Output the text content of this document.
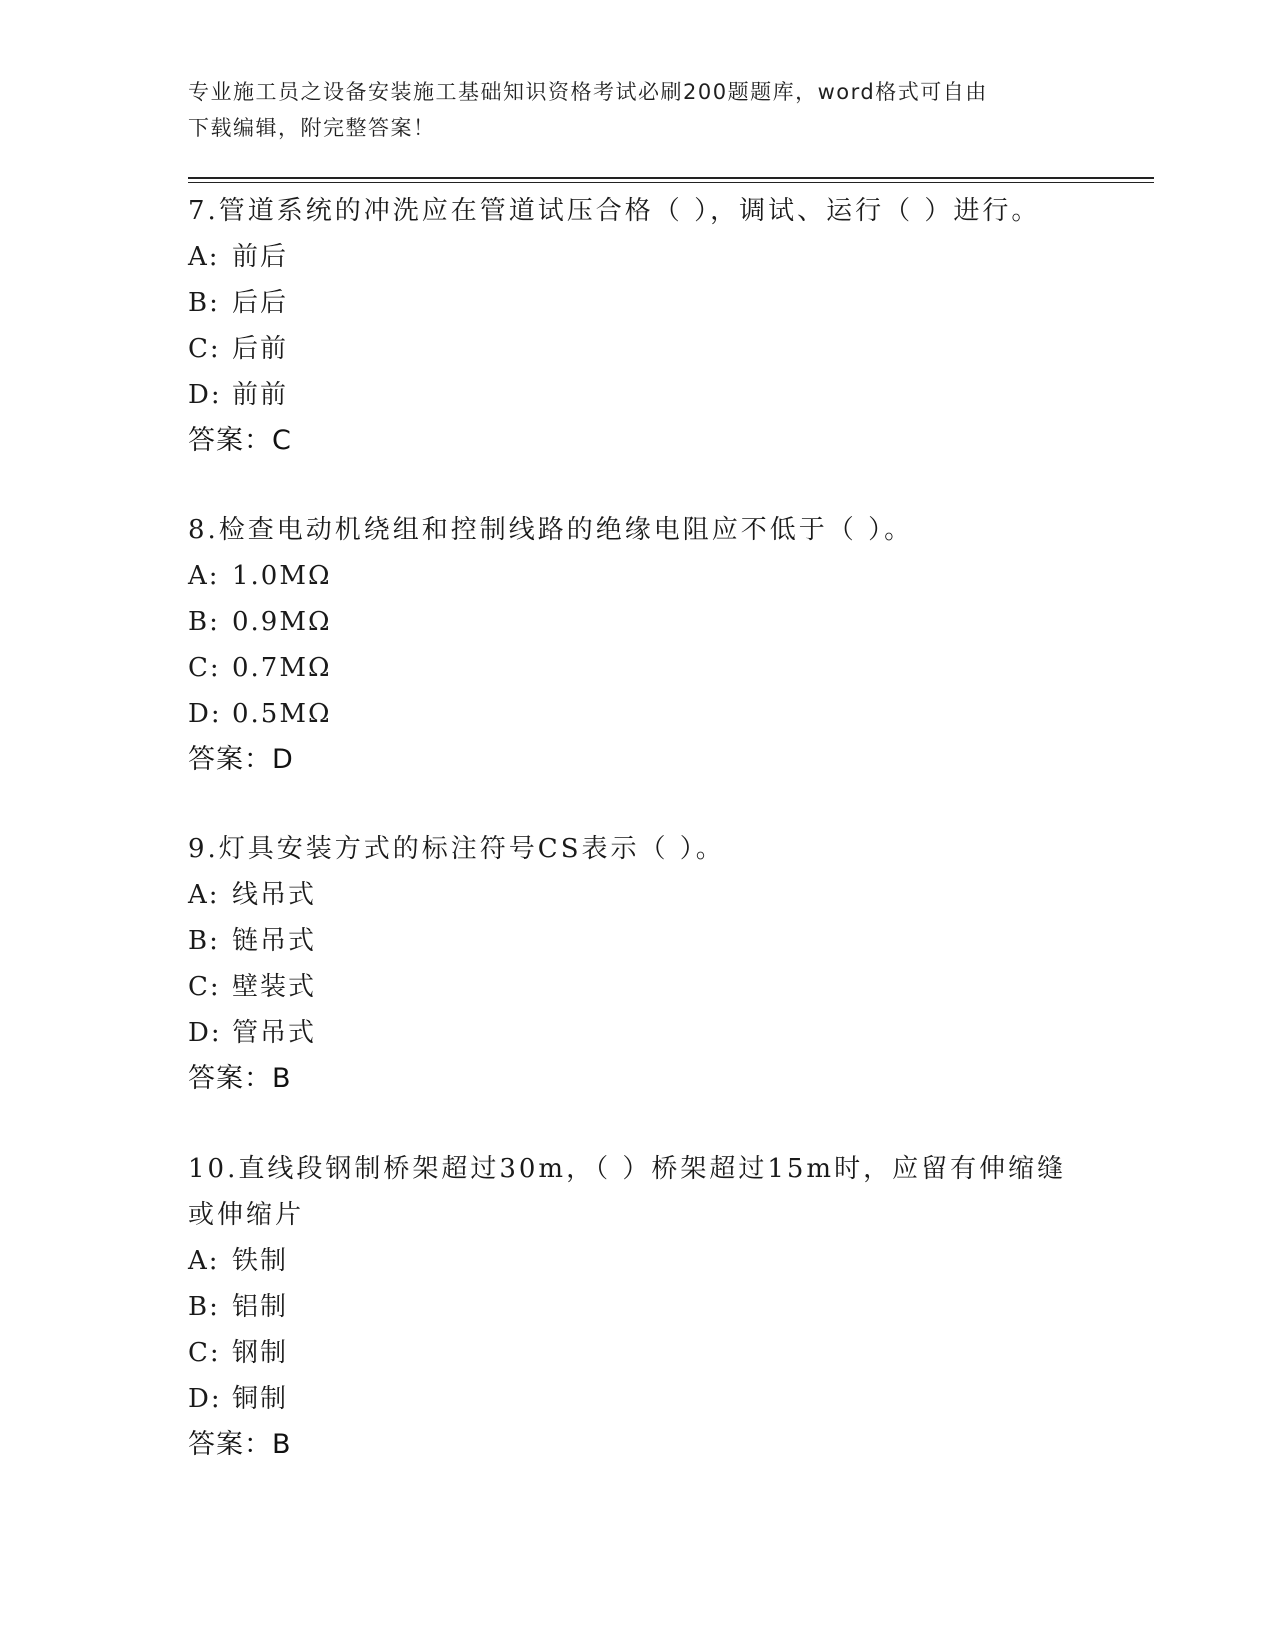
专业施工员之设备安装施工基础知识资格考试必刷200题题库，word格式可自由
下载编辑，附完整答案！
7.管道系统的冲洗应在管道试压合格（ ），调试、运行（ ）进行。
A: 前后
B: 后后
C: 后前
D: 前前
答案：C
8.检查电动机绕组和控制线路的绝缘电阻应不低于（ ）。
A: 1.0MΩ
B: 0.9MΩ
C: 0.7MΩ
D: 0.5MΩ
答案：D
9.灯具安装方式的标注符号CS表示（ ）。
A: 线吊式
B: 链吊式
C: 壁装式
D: 管吊式
答案：B
10.直线段钢制桥架超过30m，（ ）桥架超过15m时，应留有伸缩缝或伸缩片
A: 铁制
B: 铝制
C: 钢制
D: 铜制
答案：B
